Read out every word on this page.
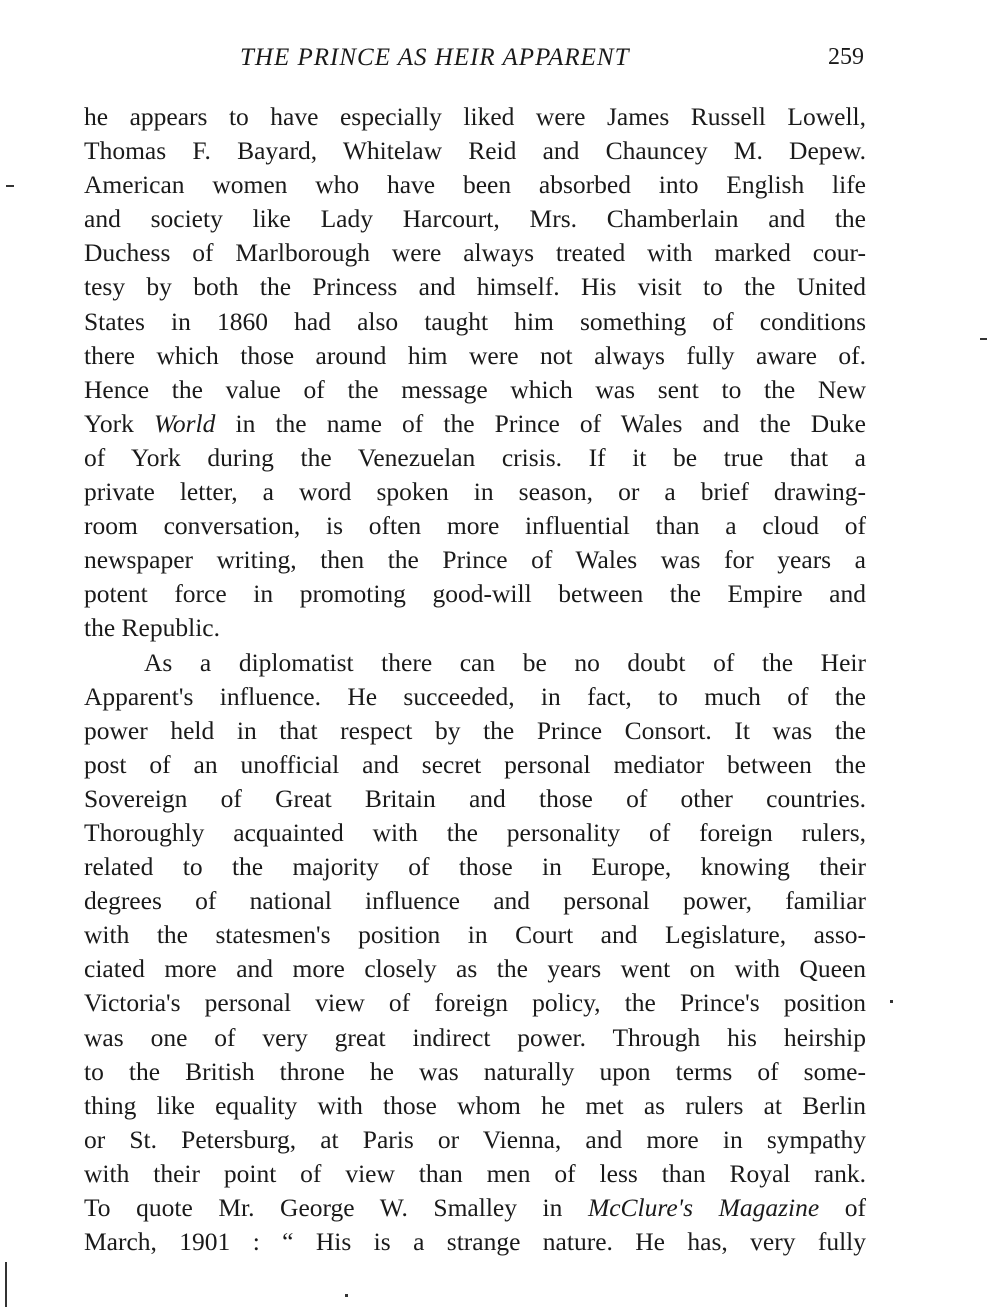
THE PRINCE AS HEIR APPARENT	259
he appears to have especially liked were James Russell Lowell,
Thomas F. Bayard, Whitelaw Reid and Chauncey M. Depew.
American women who have been absorbed into English life
and society like Lady Harcourt, Mrs. Chamberlain and the
Duchess of Marlborough were always treated with marked cour-
tesy by both the Princess and himself. His visit to the United
States in 1860 had also taught him something of conditions
there which those around him were not always fully aware of.
Hence the value of the message which was sent to the New
York World in the name of the Prince of Wales and the Duke
of York during the Venezuelan crisis. If it be true that a
private letter, a word spoken in season, or a brief drawing-
room conversation, is often more influential than a cloud of
newspaper writing, then the Prince of Wales was for years a
potent force in promoting good-will between the Empire and
the Republic.
As a diplomatist there can be no doubt of the Heir
Apparent's influence. He succeeded, in fact, to much of the
power held in that respect by the Prince Consort. It was the
post of an unofficial and secret personal mediator between the
Sovereign of Great Britain and those of other countries.
Thoroughly acquainted with the personality of foreign rulers,
related to the majority of those in Europe, knowing their
degrees of national influence and personal power, familiar
with the statesmen's position in Court and Legislature, asso-
ciated more and more closely as the years went on with Queen
Victoria's personal view of foreign policy, the Prince's position
was one of very great indirect power. Through his heirship
to the British throne he was naturally upon terms of some-
thing like equality with those whom he met as rulers at Berlin
or St. Petersburg, at Paris or Vienna, and more in sympathy
with their point of view than men of less than Royal rank.
To quote Mr. George W. Smalley in McClure's Magazine of
March, 1901 : “ His is a strange nature. He has, very fully
